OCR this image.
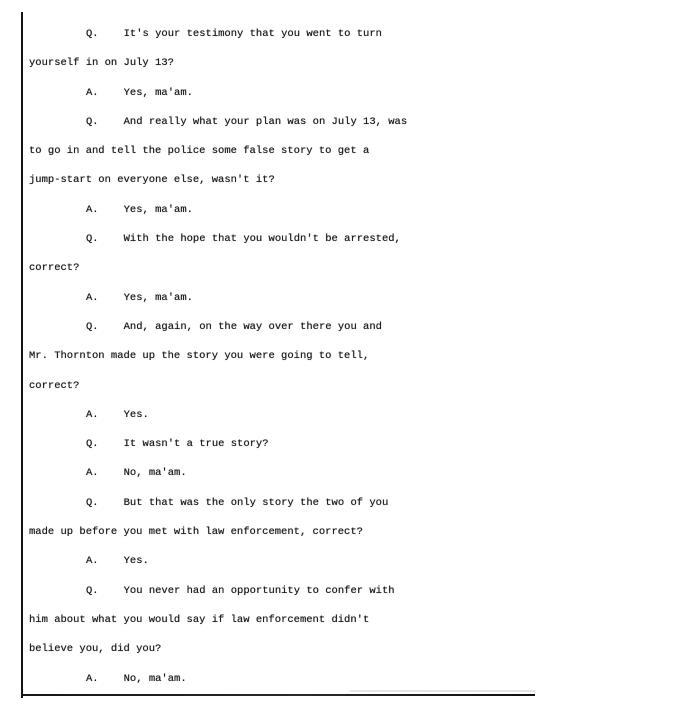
Q. It's your testimony that you went to turn
yourself in on July 13?
A. Yes, ma'am.
Q. And really what your plan was on July 13, was
to go in and tell the police some false story to get a
jump-start on everyone else, wasn't it?
A. Yes, ma'am.
Q. With the hope that you wouldn't be arrested,
correct?
A. Yes, ma'am.
Q. And, again, on the way over there you and
Mr. Thornton made up the story you were going to tell,
correct?
A. Yes.
Q. It wasn't a true story?
A. No, ma'am.
Q. But that was the only story the two of you
made up before you met with law enforcement, correct?
A. Yes.
Q. You never had an opportunity to confer with
him about what you would say if law enforcement didn't
believe you, did you?
A. No, ma'am.
